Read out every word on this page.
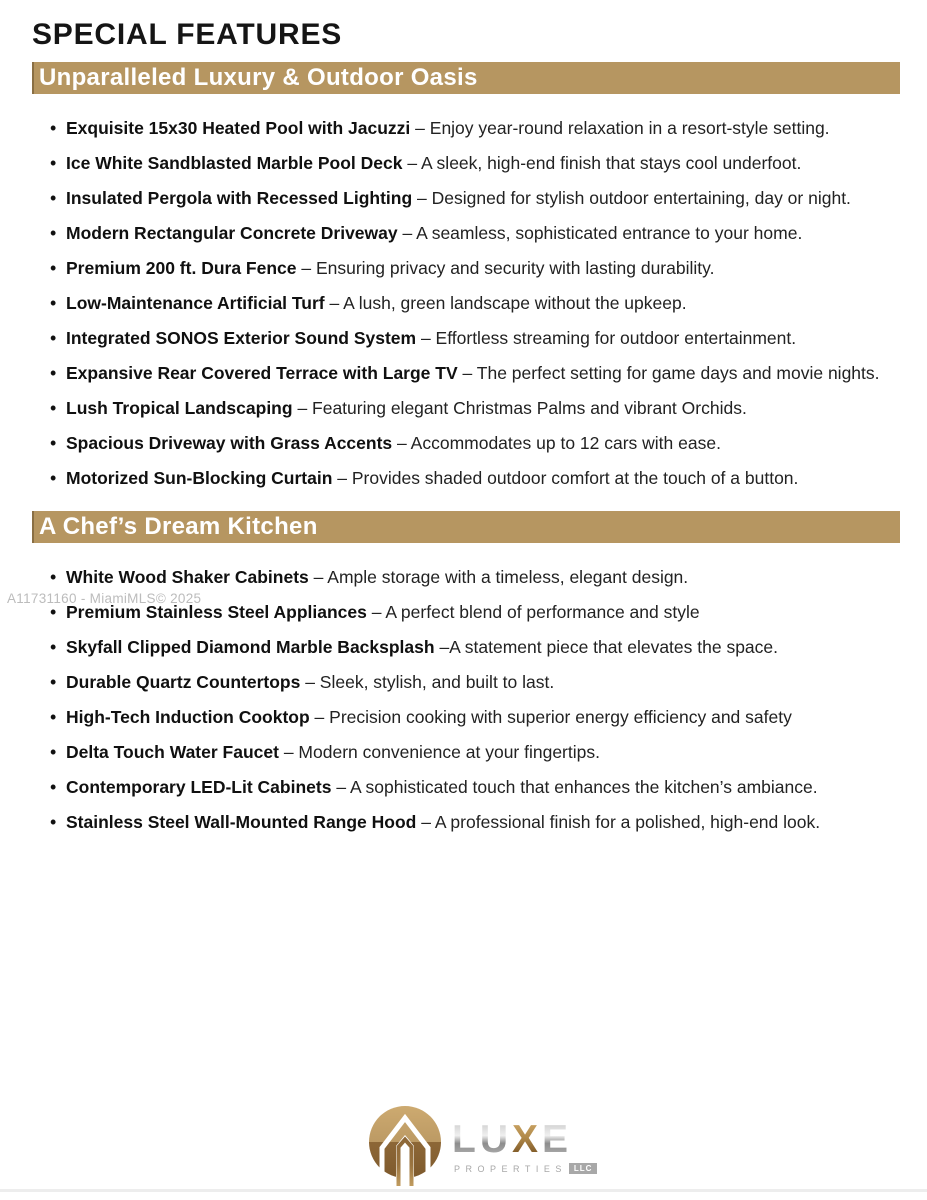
A11731160 - MiamiMLS© 2025
SPECIAL FEATURES
Unparalleled Luxury & Outdoor Oasis
• Exquisite 15x30 Heated Pool with Jacuzzi – Enjoy year-round relaxation in a resort-style setting.
• Ice White Sandblasted Marble Pool Deck – A sleek, high-end finish that stays cool underfoot.
• Insulated Pergola with Recessed Lighting – Designed for stylish outdoor entertaining, day or night.
• Modern Rectangular Concrete Driveway – A seamless, sophisticated entrance to your home.
• Premium 200 ft. Dura Fence – Ensuring privacy and security with lasting durability.
• Low-Maintenance Artificial Turf – A lush, green landscape without the upkeep.
• Integrated SONOS Exterior Sound System – Effortless streaming for outdoor entertainment.
• Expansive Rear Covered Terrace with Large TV – The perfect setting for game days and movie nights.
• Lush Tropical Landscaping – Featuring elegant Christmas Palms and vibrant Orchids.
• Spacious Driveway with Grass Accents – Accommodates up to 12 cars with ease.
• Motorized Sun-Blocking Curtain – Provides shaded outdoor comfort at the touch of a button.
A Chef’s Dream Kitchen
• White Wood Shaker Cabinets – Ample storage with a timeless, elegant design.
• Premium Stainless Steel Appliances – A perfect blend of performance and style
• Skyfall Clipped Diamond Marble Backsplash –A statement piece that elevates the space.
• Durable Quartz Countertops – Sleek, stylish, and built to last.
• High-Tech Induction Cooktop – Precision cooking with superior energy efficiency and safety
• Delta Touch Water Faucet – Modern convenience at your fingertips.
• Contemporary LED-Lit Cabinets – A sophisticated touch that enhances the kitchen’s ambiance.
• Stainless Steel Wall-Mounted Range Hood – A professional finish for a polished, high-end look.
L U X E
PROPERTIES LLC
